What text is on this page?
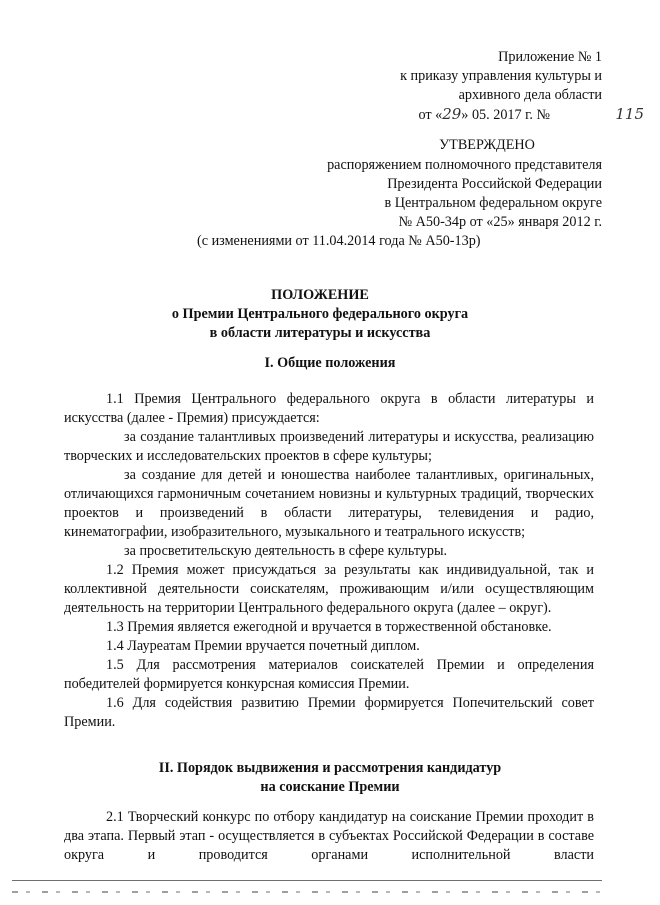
Приложение № 1
к приказу управления культуры и
архивного дела области
от «29» 05. 2017 г. №	115

УТВЕРЖДЕНО

распоряжением полномочного представителя

Президента Российской Федерации

в Центральном федеральном округе

№ А50-34р от «25» января 2012 г.

(с изменениями от 11.04.2014 года № А50-13р)

ПОЛОЖЕНИЕ
о Премии Центрального федерального округа
в области литературы и искусства
I. Общие положения

1.1 Премия Центрального федерального округа в области литературы и искусства (далее - Премия) присуждается:

за создание талантливых произведений литературы и искусства, реализацию творческих и исследовательских проектов в сфере культуры;

за создание для детей и юношества наиболее талантливых, оригинальных, отличающихся гармоничным сочетанием новизны и культурных традиций, творческих проектов и произведений в области литературы, телевидения и радио, кинематографии, изобразительного, музыкального и театрального искусств;

за просветительскую деятельность в сфере культуры.

1.2 Премия может присуждаться за результаты как индивидуальной, так и коллективной деятельности соискателям, проживающим и/или осуществляющим деятельность на территории Центрального федерального округа (далее – округ).

1.3 Премия является ежегодной и вручается в торжественной обстановке.

1.4 Лауреатам Премии вручается почетный диплом.

1.5 Для рассмотрения материалов соискателей Премии и определения победителей формируется конкурсная комиссия Премии.

1.6 Для содействия развитию Премии формируется Попечительский совет Премии.

II. Порядок выдвижения и рассмотрения кандидатур
на соискание Премии

2.1 Творческий конкурс по отбору кандидатур на соискание Премии проходит в два этапа. Первый этап - осуществляется в субъектах Российской Федерации в составе округа и проводится органами исполнительной власти
